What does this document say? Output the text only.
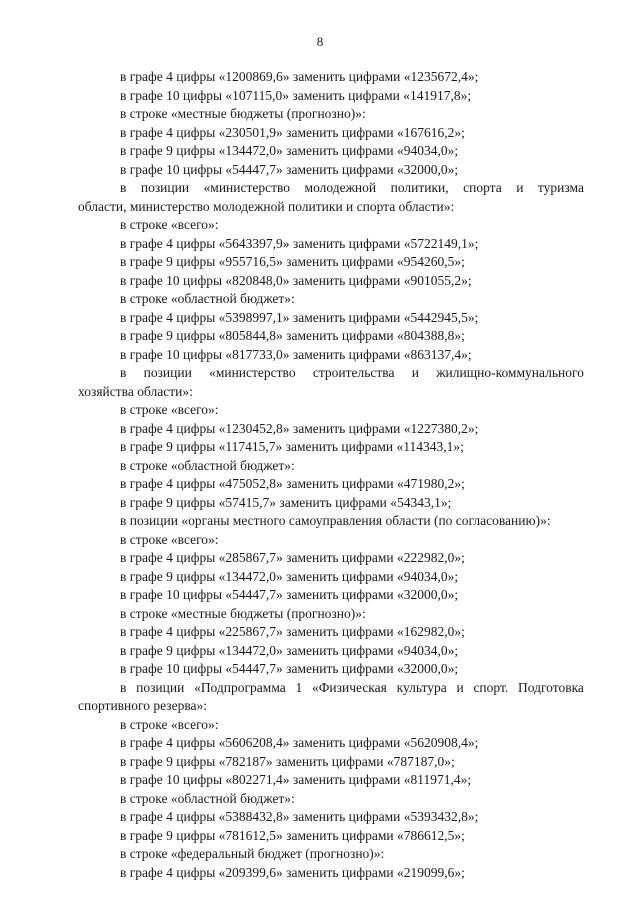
8
в графе 4 цифры «1200869,6» заменить цифрами «1235672,4»;
в графе 10 цифры «107115,0» заменить цифрами «141917,8»;
в строке «местные бюджеты (прогнозно)»:
в графе 4 цифры «230501,9» заменить цифрами «167616,2»;
в графе 9 цифры «134472,0» заменить цифрами «94034,0»;
в графе 10 цифры «54447,7» заменить цифрами «32000,0»;
в позиции «министерство молодежной политики, спорта и туризма
области, министерство молодежной политики и спорта области»:
в строке «всего»:
в графе 4 цифры «5643397,9» заменить цифрами «5722149,1»;
в графе 9 цифры «955716,5» заменить цифрами «954260,5»;
в графе 10 цифры «820848,0» заменить цифрами «901055,2»;
в строке «областной бюджет»:
в графе 4 цифры «5398997,1» заменить цифрами «5442945,5»;
в графе 9 цифры «805844,8» заменить цифрами «804388,8»;
в графе 10 цифры «817733,0» заменить цифрами «863137,4»;
в позиции «министерство строительства и жилищно-коммунального
хозяйства области»:
в строке «всего»:
в графе 4 цифры «1230452,8» заменить цифрами «1227380,2»;
в графе 9 цифры «117415,7» заменить цифрами «114343,1»;
в строке «областной бюджет»:
в графе 4 цифры «475052,8» заменить цифрами «471980,2»;
в графе 9 цифры «57415,7» заменить цифрами «54343,1»;
в позиции «органы местного самоуправления области (по согласованию)»:
в строке «всего»:
в графе 4 цифры «285867,7» заменить цифрами «222982,0»;
в графе 9 цифры «134472,0» заменить цифрами «94034,0»;
в графе 10 цифры «54447,7» заменить цифрами «32000,0»;
в строке «местные бюджеты (прогнозно)»:
в графе 4 цифры «225867,7» заменить цифрами «162982,0»;
в графе 9 цифры «134472,0» заменить цифрами «94034,0»;
в графе 10 цифры «54447,7» заменить цифрами «32000,0»;
в позиции «Подпрограмма 1 «Физическая культура и спорт. Подготовка
спортивного резерва»:
в строке «всего»:
в графе 4 цифры «5606208,4» заменить цифрами «5620908,4»;
в графе 9 цифры «782187» заменить цифрами «787187,0»;
в графе 10 цифры «802271,4» заменить цифрами «811971,4»;
в строке «областной бюджет»:
в графе 4 цифры «5388432,8» заменить цифрами «5393432,8»;
в графе 9 цифры «781612,5» заменить цифрами «786612,5»;
в строке «федеральный бюджет (прогнозно)»:
в графе 4 цифры «209399,6» заменить цифрами «219099,6»;
